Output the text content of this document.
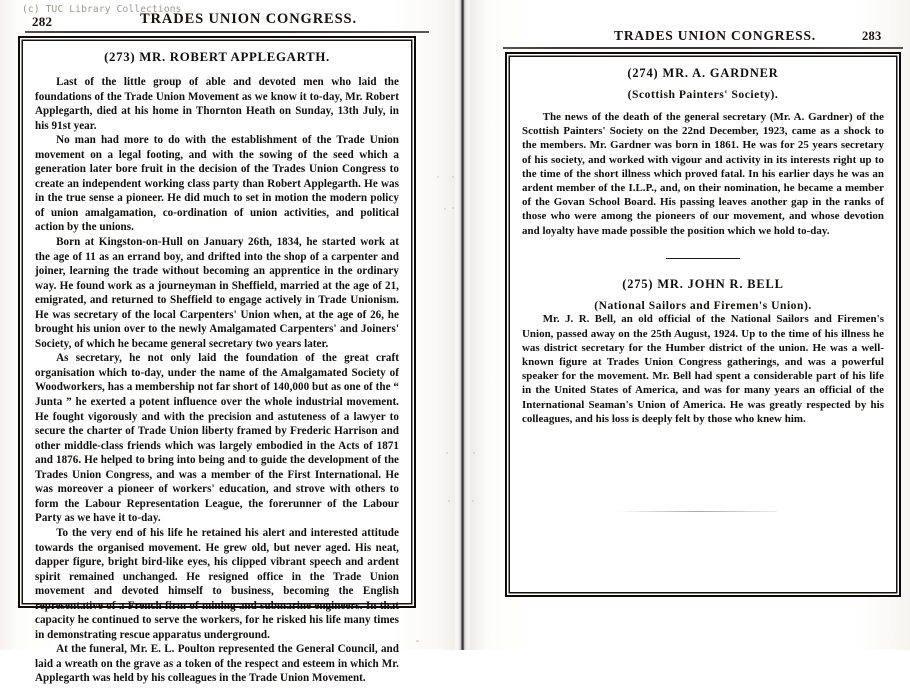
282	TRADES UNION CONGRESS.
(c) TUC Library Collections
(273) MR. ROBERT APPLEGARTH.

Last of the little group of able and devoted men who laid the foundations of the Trade Union Movement as we know it to-day, Mr. Robert Applegarth, died at his home in Thornton Heath on Sunday, 13th July, in his 91st year.

No man had more to do with the establishment of the Trade Union movement on a legal footing, and with the sowing of the seed which a generation later bore fruit in the decision of the Trades Union Congress to create an independent working class party than Robert Applegarth. He was in the true sense a pioneer. He did much to set in motion the modern policy of union amalgamation, co-ordination of union activities, and political action by the unions.

Born at Kingston-on-Hull on January 26th, 1834, he started work at the age of 11 as an errand boy, and drifted into the shop of a carpenter and joiner, learning the trade without becoming an apprentice in the ordinary way. He found work as a journeyman in Sheffield, married at the age of 21, emigrated, and returned to Sheffield to engage actively in Trade Unionism. He was secretary of the local Carpenters' Union when, at the age of 26, he brought his union over to the newly Amalgamated Carpenters' and Joiners' Society, of which he became general secretary two years later.

As secretary, he not only laid the foundation of the great craft organisation which to-day, under the name of the Amalgamated Society of Woodworkers, has a membership not far short of 140,000 but as one of the “ Junta ” he exerted a potent influence over the whole industrial movement. He fought vigorously and with the precision and astuteness of a lawyer to secure the charter of Trade Union liberty framed by Frederic Harrison and other middle-class friends which was largely embodied in the Acts of 1871 and 1876. He helped to bring into being and to guide the development of the Trades Union Congress, and was a member of the First International. He was moreover a pioneer of workers' education, and strove with others to form the Labour Representation League, the forerunner of the Labour Party as we have it to-day.

To the very end of his life he retained his alert and interested attitude towards the organised movement. He grew old, but never aged. His neat, dapper figure, bright bird-like eyes, his clipped vibrant speech and ardent spirit remained unchanged. He resigned office in the Trade Union movement and devoted himself to business, becoming the English representative of a French firm of mining and submarine engineers. In that capacity he continued to serve the workers, for he risked his life many times in demonstrating rescue apparatus underground.

At the funeral, Mr. E. L. Poulton represented the General Council, and laid a wreath on the grave as a token of the respect and esteem in which Mr. Applegarth was held by his colleagues in the Trade Union Movement.

TRADES UNION CONGRESS.	283
(274) MR. A. GARDNER
(Scottish Painters' Society).

The news of the death of the general secretary (Mr. A. Gardner) of the Scottish Painters' Society on the 22nd December, 1923, came as a shock to the members. Mr. Gardner was born in 1861. He was for 25 years secretary of his society, and worked with vigour and activity in its interests right up to the time of the short illness which proved fatal. In his earlier days he was an ardent member of the I.L.P., and, on their nomination, he became a member of the Govan School Board. His passing leaves another gap in the ranks of those who were among the pioneers of our movement, and whose devotion and loyalty have made possible the position which we hold to-day.

(275) MR. JOHN R. BELL
(National Sailors and Firemen's Union).

Mr. J. R. Bell, an old official of the National Sailors and Firemen's Union, passed away on the 25th August, 1924. Up to the time of his illness he was district secretary for the Humber district of the union. He was a well-known figure at Trades Union Congress gatherings, and was a powerful speaker for the movement. Mr. Bell had spent a considerable part of his life in the United States of America, and was for many years an official of the International Seaman's Union of America. He was greatly respected by his colleagues, and his loss is deeply felt by those who knew him.
